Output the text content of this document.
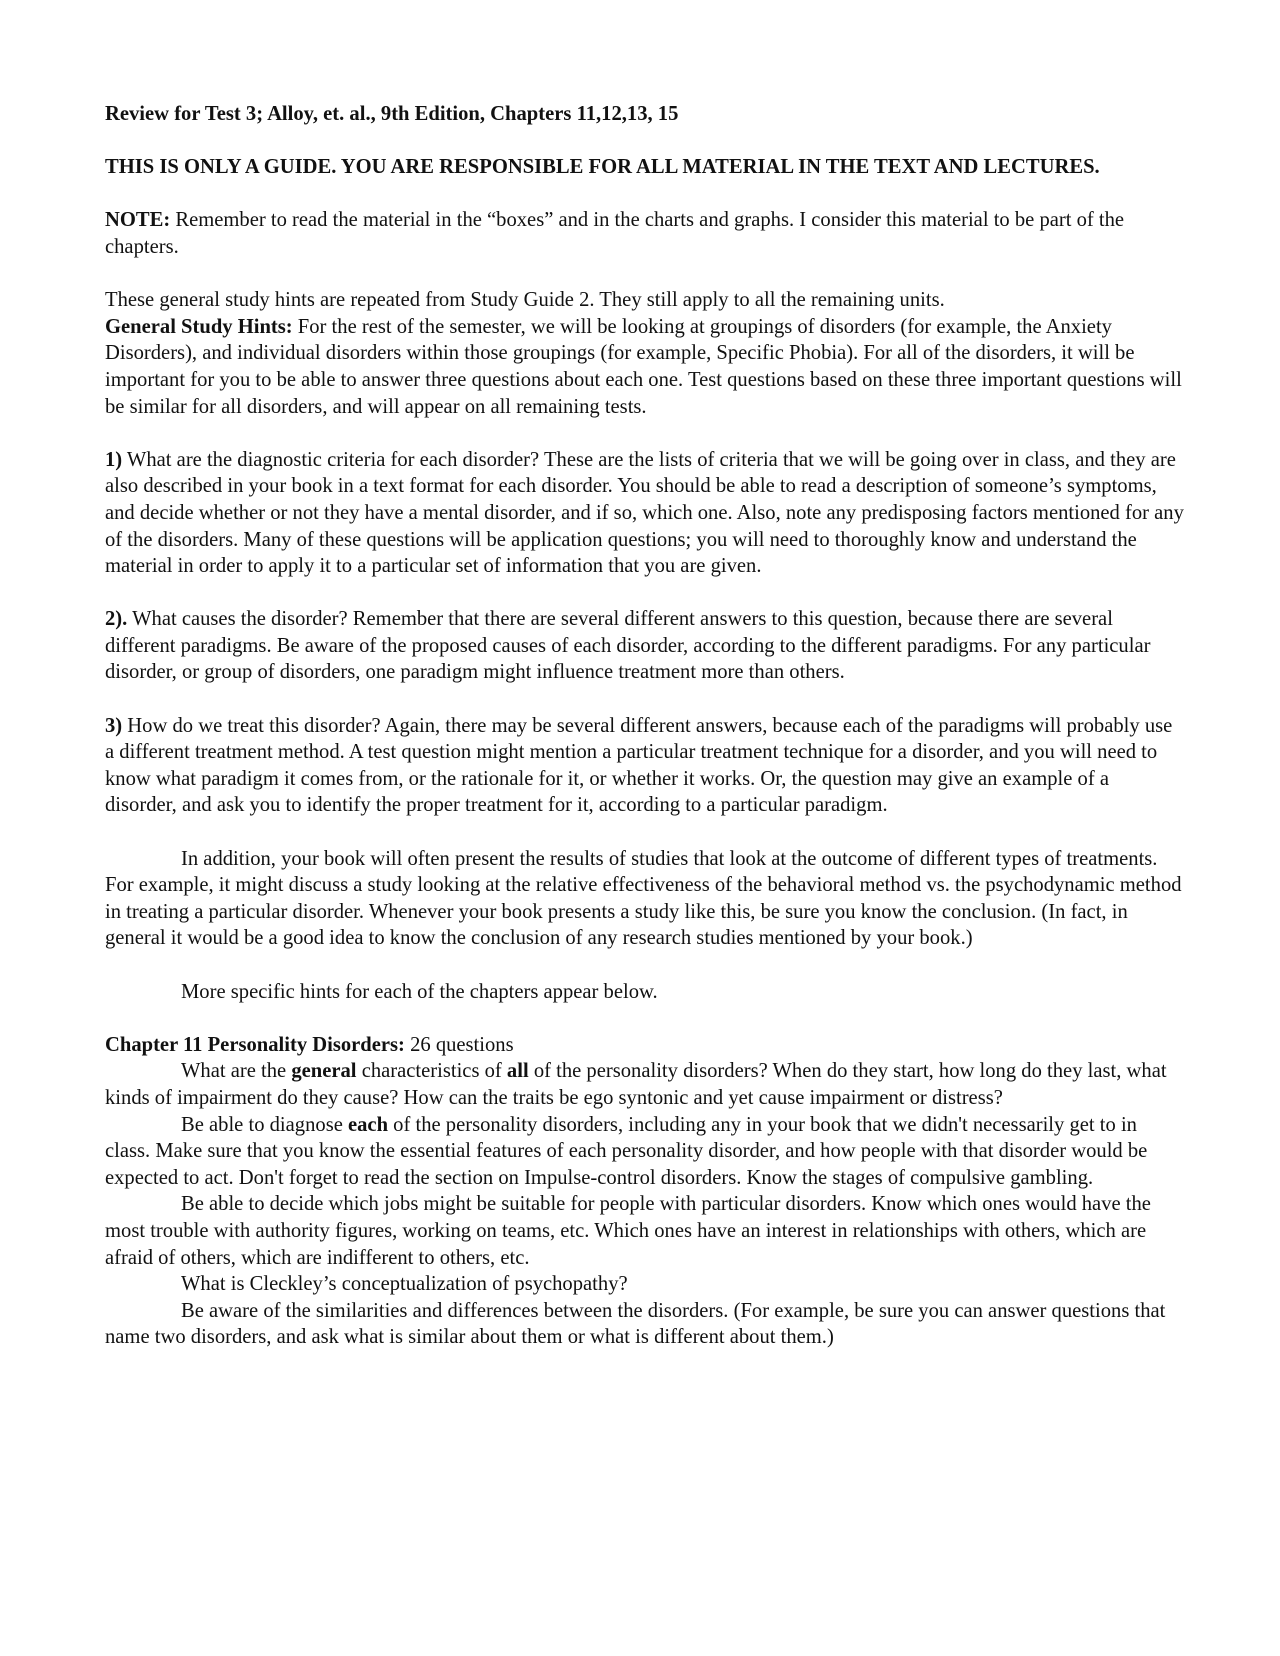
Review for Test 3; Alloy, et. al., 9th Edition, Chapters 11,12,13, 15

THIS IS ONLY A GUIDE. YOU ARE RESPONSIBLE FOR ALL MATERIAL IN THE TEXT AND LECTURES.

NOTE: Remember to read the material in the “boxes” and in the charts and graphs. I consider this material to be part of the chapters.

These general study hints are repeated from Study Guide 2. They still apply to all the remaining units.

General Study Hints: For the rest of the semester, we will be looking at groupings of disorders (for example, the Anxiety Disorders), and individual disorders within those groupings (for example, Specific Phobia). For all of the disorders, it will be important for you to be able to answer three questions about each one. Test questions based on these three important questions will be similar for all disorders, and will appear on all remaining tests.

1) What are the diagnostic criteria for each disorder? These are the lists of criteria that we will be going over in class, and they are also described in your book in a text format for each disorder. You should be able to read a description of someone’s symptoms, and decide whether or not they have a mental disorder, and if so, which one. Also, note any predisposing factors mentioned for any of the disorders. Many of these questions will be application questions; you will need to thoroughly know and understand the material in order to apply it to a particular set of information that you are given.

2). What causes the disorder? Remember that there are several different answers to this question, because there are several different paradigms. Be aware of the proposed causes of each disorder, according to the different paradigms. For any particular disorder, or group of disorders, one paradigm might influence treatment more than others.

3) How do we treat this disorder? Again, there may be several different answers, because each of the paradigms will probably use a different treatment method. A test question might mention a particular treatment technique for a disorder, and you will need to know what paradigm it comes from, or the rationale for it, or whether it works. Or, the question may give an example of a disorder, and ask you to identify the proper treatment for it, according to a particular paradigm.

In addition, your book will often present the results of studies that look at the outcome of different types of treatments. For example, it might discuss a study looking at the relative effectiveness of the behavioral method vs. the psychodynamic method in treating a particular disorder. Whenever your book presents a study like this, be sure you know the conclusion. (In fact, in general it would be a good idea to know the conclusion of any research studies mentioned by your book.)

More specific hints for each of the chapters appear below.

Chapter 11 Personality Disorders: 26 questions

What are the general characteristics of all of the personality disorders? When do they start, how long do they last, what kinds of impairment do they cause? How can the traits be ego syntonic and yet cause impairment or distress?

Be able to diagnose each of the personality disorders, including any in your book that we didn't necessarily get to in class. Make sure that you know the essential features of each personality disorder, and how people with that disorder would be expected to act. Don't forget to read the section on Impulse-control disorders. Know the stages of compulsive gambling.

Be able to decide which jobs might be suitable for people with particular disorders. Know which ones would have the most trouble with authority figures, working on teams, etc. Which ones have an interest in relationships with others, which are afraid of others, which are indifferent to others, etc.

What is Cleckley’s conceptualization of psychopathy?

Be aware of the similarities and differences between the disorders. (For example, be sure you can answer questions that name two disorders, and ask what is similar about them or what is different about them.)
